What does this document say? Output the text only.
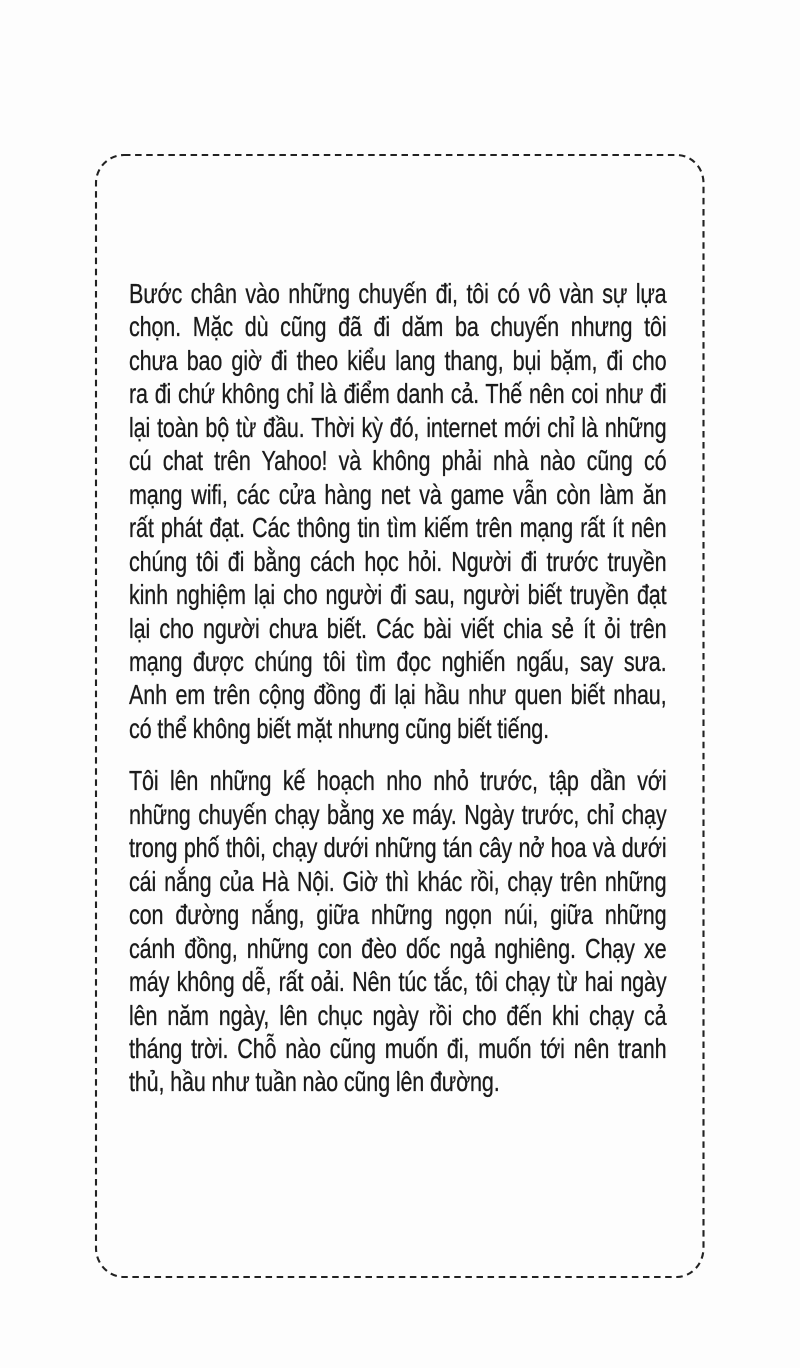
Bước chân vào những chuyến đi, tôi có vô vàn sự lựa
chọn. Mặc dù cũng đã đi dăm ba chuyến nhưng tôi
chưa bao giờ đi theo kiểu lang thang, bụi bặm, đi cho
ra đi chứ không chỉ là điểm danh cả. Thế nên coi như đi
lại toàn bộ từ đầu. Thời kỳ đó, internet mới chỉ là những
cú chat trên Yahoo! và không phải nhà nào cũng có
mạng wifi, các cửa hàng net và game vẫn còn làm ăn
rất phát đạt. Các thông tin tìm kiếm trên mạng rất ít nên
chúng tôi đi bằng cách học hỏi. Người đi trước truyền
kinh nghiệm lại cho người đi sau, người biết truyền đạt
lại cho người chưa biết. Các bài viết chia sẻ ít ỏi trên
mạng được chúng tôi tìm đọc nghiến ngấu, say sưa.
Anh em trên cộng đồng đi lại hầu như quen biết nhau,
có thể không biết mặt nhưng cũng biết tiếng.
Tôi lên những kế hoạch nho nhỏ trước, tập dần với
những chuyến chạy bằng xe máy. Ngày trước, chỉ chạy
trong phố thôi, chạy dưới những tán cây nở hoa và dưới
cái nắng của Hà Nội. Giờ thì khác rồi, chạy trên những
con đường nắng, giữa những ngọn núi, giữa những
cánh đồng, những con đèo dốc ngả nghiêng. Chạy xe
máy không dễ, rất oải. Nên túc tắc, tôi chạy từ hai ngày
lên năm ngày, lên chục ngày rồi cho đến khi chạy cả
tháng trời. Chỗ nào cũng muốn đi, muốn tới nên tranh
thủ, hầu như tuần nào cũng lên đường.
